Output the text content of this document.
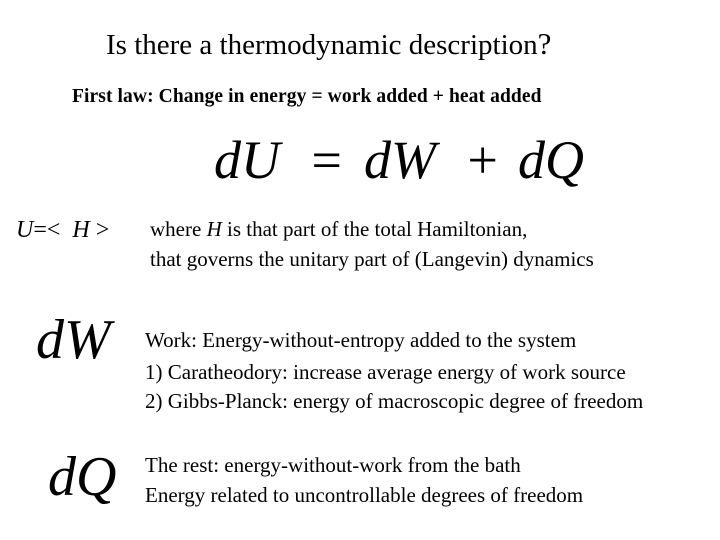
Is there a thermodynamic description?
First law: Change in energy = work added + heat added
dU = dW + dQ
U=< H > where H is that part of the total Hamiltonian,
that governs the unitary part of (Langevin) dynamics
dW Work: Energy-without-entropy added to the system
1) Caratheodory: increase average energy of work source
2) Gibbs-Planck: energy of macroscopic degree of freedom
dQ The rest: energy-without-work from the bath
Energy related to uncontrollable degrees of freedom
